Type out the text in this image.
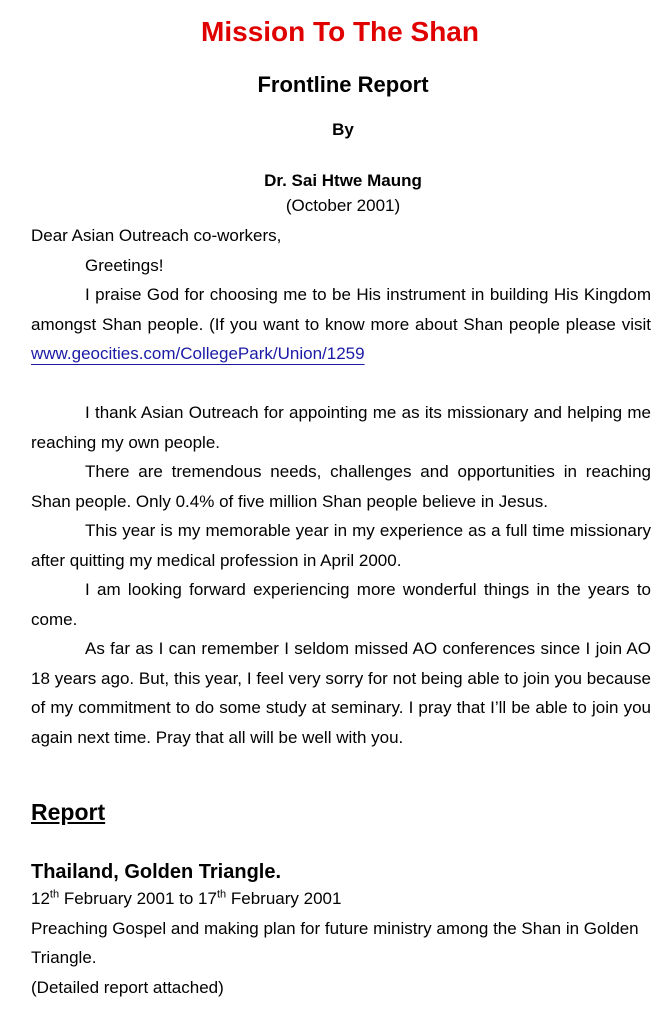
Mission To The Shan
Frontline Report
By
Dr. Sai Htwe Maung
(October 2001)

Dear Asian Outreach co-workers,

Greetings!

I praise God for choosing me to be His instrument in building His Kingdom amongst Shan people. (If you want to know more about Shan people please visit www.geocities.com/CollegePark/Union/1259

I thank Asian Outreach for appointing me as its missionary and helping me reaching my own people.

There are tremendous needs, challenges and opportunities in reaching Shan people. Only 0.4% of five million Shan people believe in Jesus.

This year is my memorable year in my experience as a full time missionary after quitting my medical profession in April 2000.

I am looking forward experiencing more wonderful things in the years to come.

As far as I can remember I seldom missed AO conferences since I join AO 18 years ago. But, this year, I feel very sorry for not being able to join you because of my commitment to do some study at seminary. I pray that I’ll be able to join you again next time. Pray that all will be well with you.

Report
Thailand, Golden Triangle.

12th February 2001 to 17th February 2001

Preaching Gospel and making plan for future ministry among the Shan in Golden Triangle.

(Detailed report attached)
